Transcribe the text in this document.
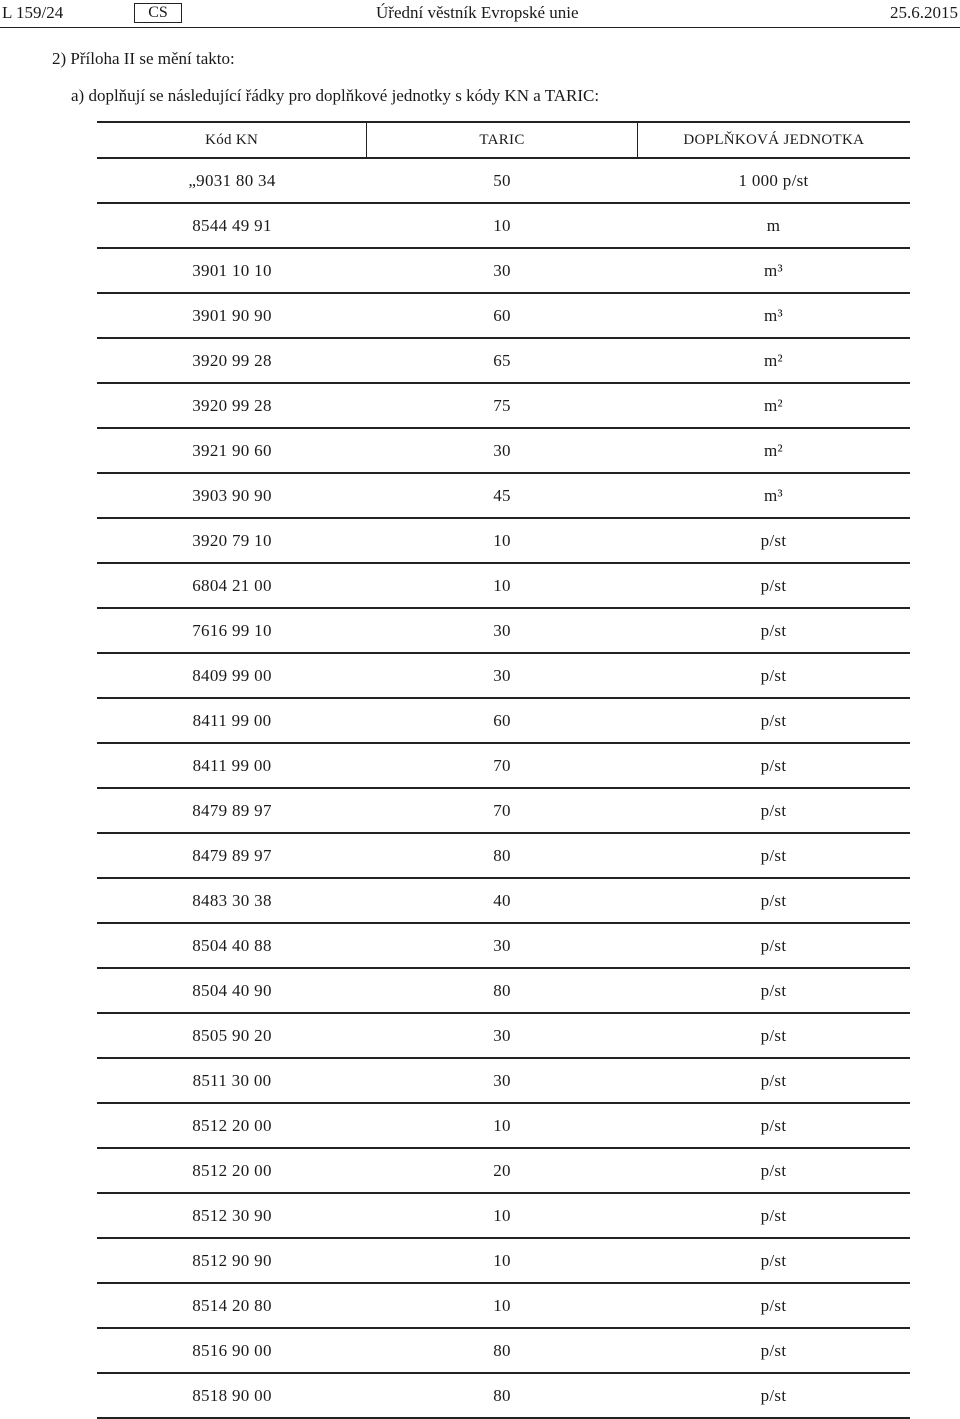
L 159/24	CS	Úřední věstník Evropské unie	25.6.2015
2) Příloha II se mění takto:
a) doplňují se následující řádky pro doplňkové jednotky s kódy KN a TARIC:
Kód KN	TARIC	DOPLŇKOVÁ JEDNOTKA
„9031 80 34	50	1 000 p/st
8544 49 91	10	m
3901 10 10	30	m³
3901 90 90	60	m³
3920 99 28	65	m²
3920 99 28	75	m²
3921 90 60	30	m²
3903 90 90	45	m³
3920 79 10	10	p/st
6804 21 00	10	p/st
7616 99 10	30	p/st
8409 99 00	30	p/st
8411 99 00	60	p/st
8411 99 00	70	p/st
8479 89 97	70	p/st
8479 89 97	80	p/st
8483 30 38	40	p/st
8504 40 88	30	p/st
8504 40 90	80	p/st
8505 90 20	30	p/st
8511 30 00	30	p/st
8512 20 00	10	p/st
8512 20 00	20	p/st
8512 30 90	10	p/st
8512 90 90	10	p/st
8514 20 80	10	p/st
8516 90 00	80	p/st
8518 90 00	80	p/st
